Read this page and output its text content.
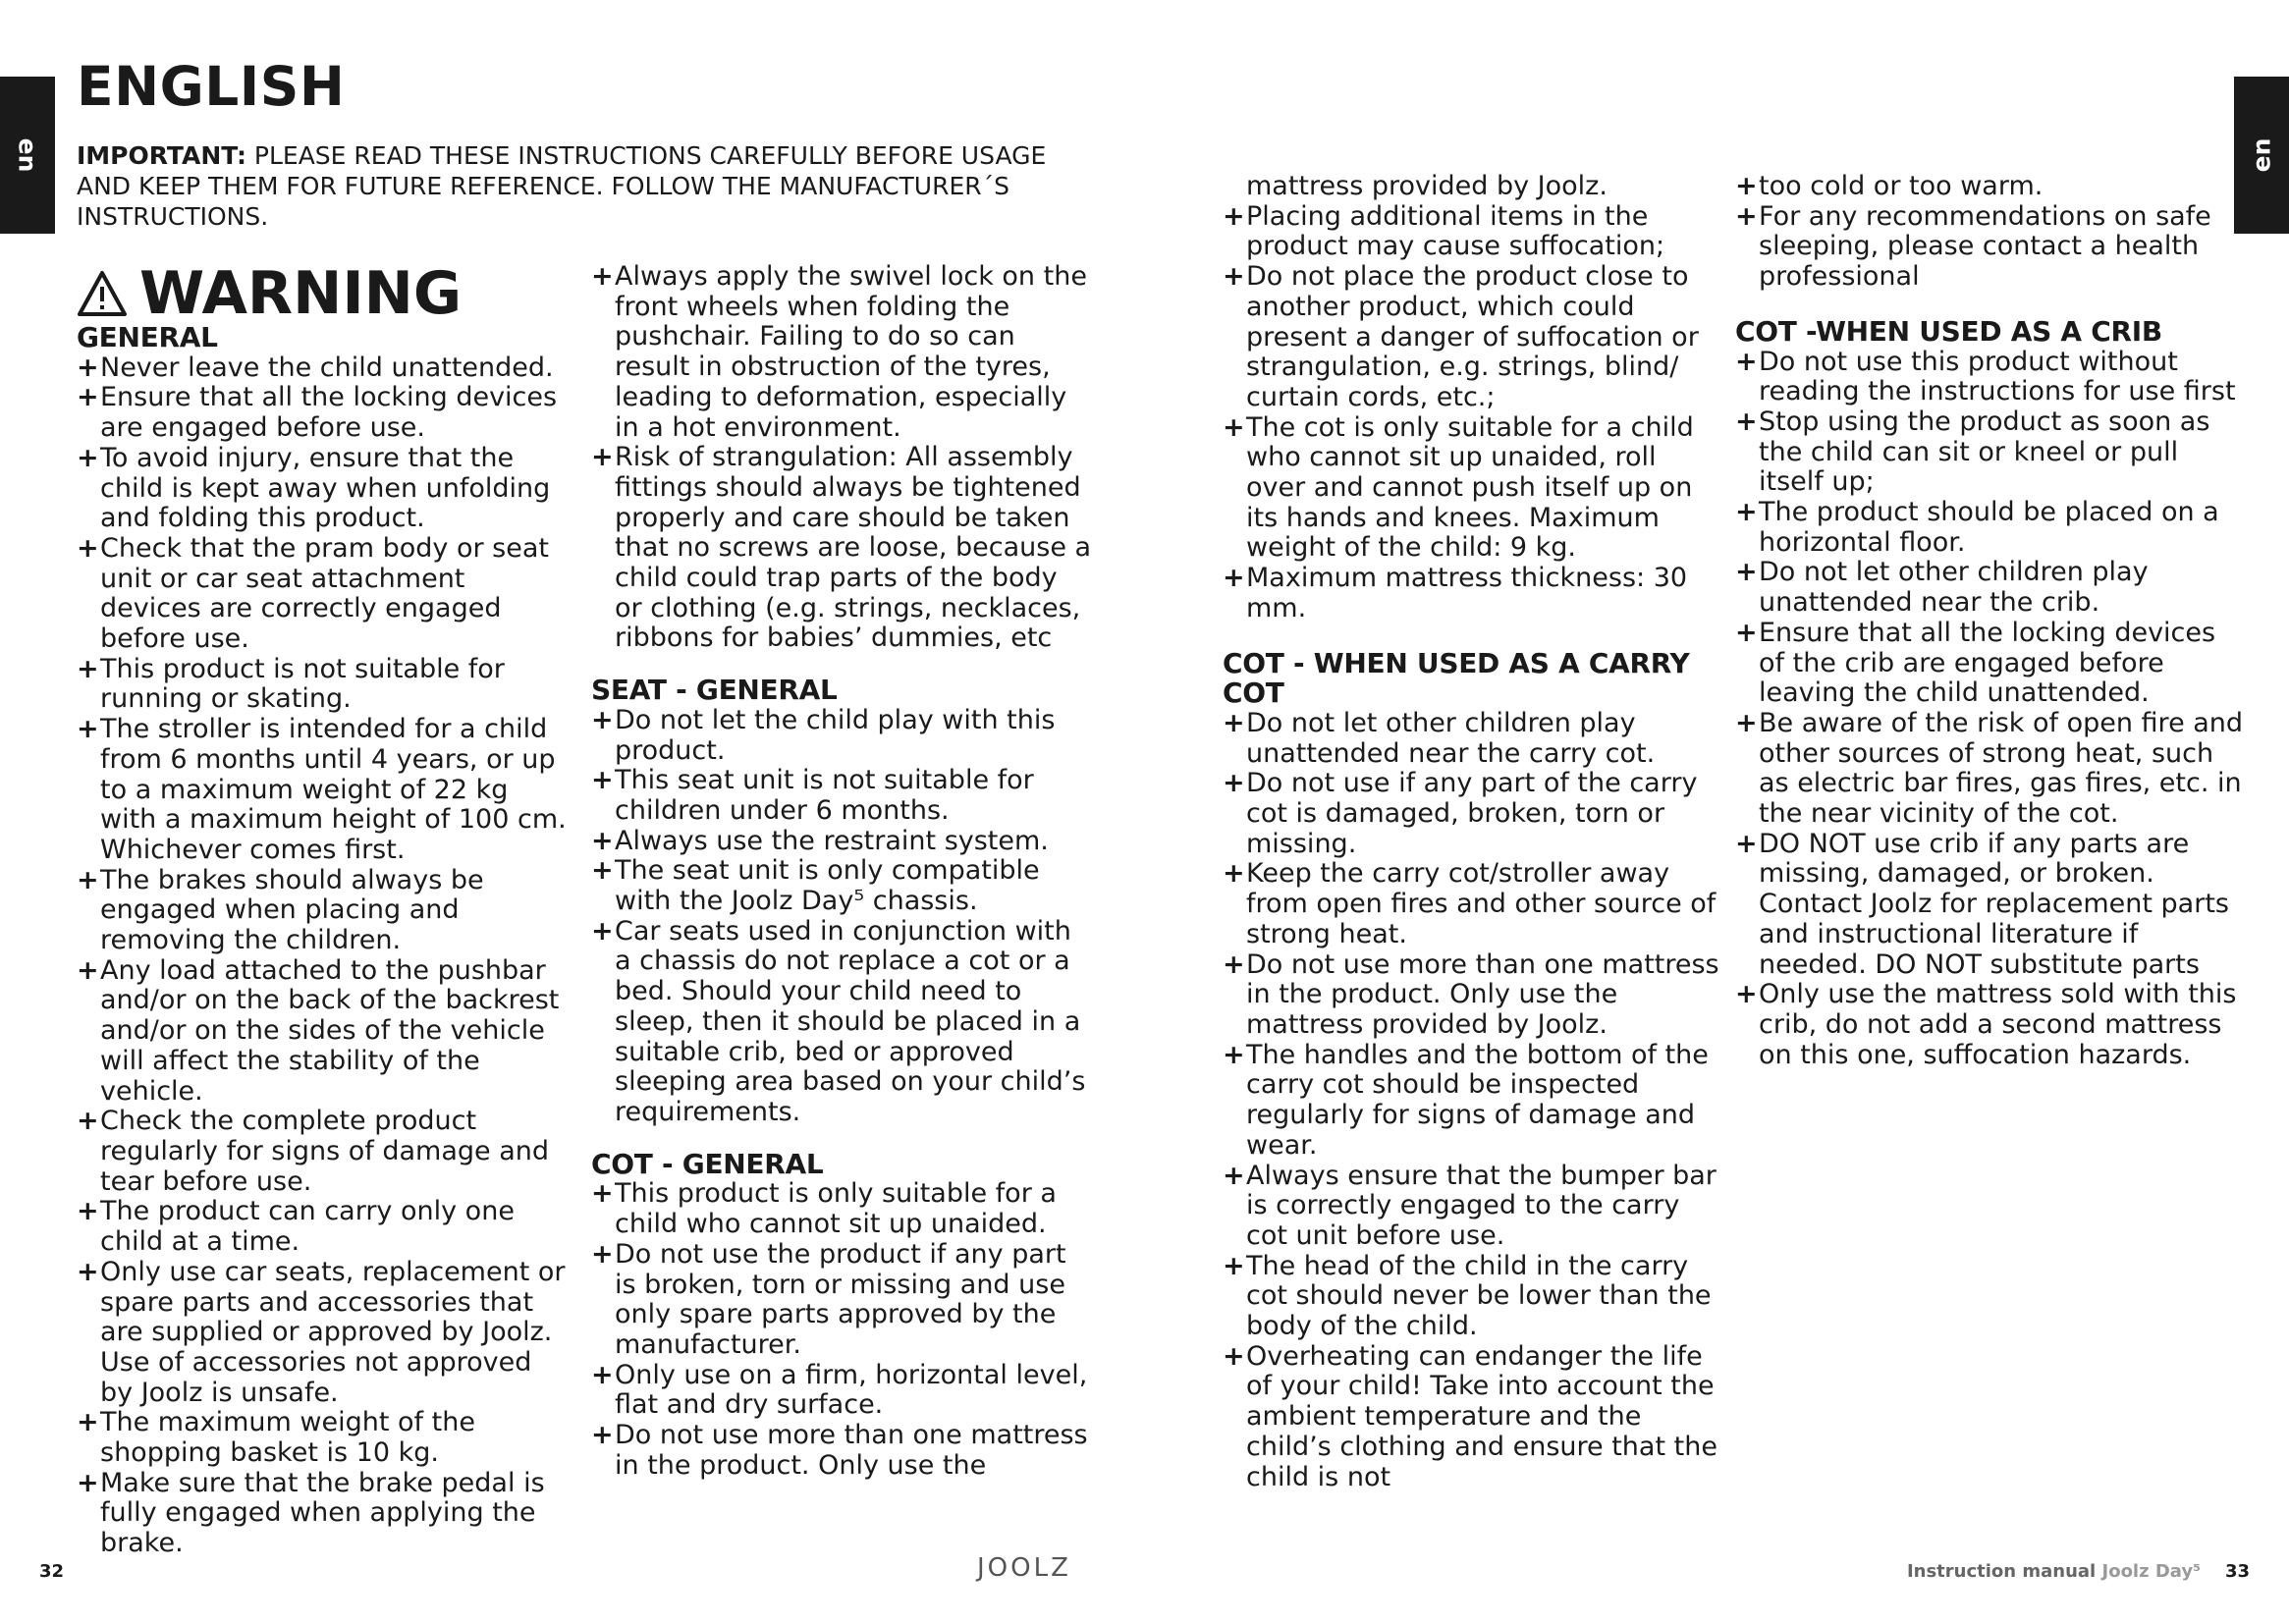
en	en
ENGLISH

IMPORTANT: PLEASE READ THESE INSTRUCTIONS CAREFULLY BEFORE USAGE AND KEEP THEM FOR FUTURE REFERENCE. FOLLOW THE MANUFACTURER´S INSTRUCTIONS.

WARNING
GENERAL
+ Never leave the child unattended.
+ Ensure that all the locking devices are engaged before use.
+ To avoid injury, ensure that the child is kept away when unfolding and folding this product.
+ Check that the pram body or seat unit or car seat attachment devices are correctly engaged before use.
+ This product is not suitable for running or skating.
+ The stroller is intended for a child from 6 months until 4 years, or up to a maximum weight of 22 kg with a maximum height of 100 cm. Whichever comes first.
+ The brakes should always be engaged when placing and removing the children.
+ Any load attached to the pushbar and/or on the back of the backrest and/or on the sides of the vehicle will affect the stability of the vehicle.
+ Check the complete product regularly for signs of damage and tear before use.
+ The product can carry only one child at a time.
+ Only use car seats, replacement or spare parts and accessories that are supplied or approved by Joolz. Use of accessories not approved by Joolz is unsafe.
+ The maximum weight of the shopping basket is 10 kg.
+ Make sure that the brake pedal is fully engaged when applying the brake.
+ Always apply the swivel lock on the front wheels when folding the pushchair. Failing to do so can result in obstruction of the tyres, leading to deformation, especially in a hot environment.
+ Risk of strangulation: All assembly fittings should always be tightened properly and care should be taken that no screws are loose, because a child could trap parts of the body or clothing (e.g. strings, necklaces, ribbons for babies’ dummies, etc
SEAT - GENERAL
+ Do not let the child play with this product.
+ This seat unit is not suitable for children under 6 months.
+ Always use the restraint system.
+ The seat unit is only compatible with the Joolz Day⁵ chassis.
+ Car seats used in conjunction with a chassis do not replace a cot or a bed. Should your child need to sleep, then it should be placed in a suitable crib, bed or approved sleeping area based on your child’s requirements.
COT - GENERAL
+ This product is only suitable for a child who cannot sit up unaided.
+ Do not use the product if any part is broken, torn or missing and use only spare parts approved by the manufacturer.
+ Only use on a firm, horizontal level, flat and dry surface.
+ Do not use more than one mattress in the product. Only use the
mattress provided by Joolz.
+ Placing additional items in the product may cause suffocation;
+ Do not place the product close to another product, which could present a danger of suffocation or strangulation, e.g. strings, blind/ curtain cords, etc.;
+ The cot is only suitable for a child who cannot sit up unaided, roll over and cannot push itself up on its hands and knees. Maximum weight of the child: 9 kg.
+ Maximum mattress thickness: 30 mm.
COT - WHEN USED AS A CARRY COT
+ Do not let other children play unattended near the carry cot.
+ Do not use if any part of the carry cot is damaged, broken, torn or missing.
+ Keep the carry cot/stroller away from open fires and other source of strong heat.
+ Do not use more than one mattress in the product. Only use the mattress provided by Joolz.
+ The handles and the bottom of the carry cot should be inspected regularly for signs of damage and wear.
+ Always ensure that the bumper bar is correctly engaged to the carry cot unit before use.
+ The head of the child in the carry cot should never be lower than the body of the child.
+ Overheating can endanger the life of your child! Take into account the ambient temperature and the child’s clothing and ensure that the child is not
+ too cold or too warm.
+ For any recommendations on safe sleeping, please contact a health professional
COT -WHEN USED AS A CRIB
+ Do not use this product without reading the instructions for use first
+ Stop using the product as soon as the child can sit or kneel or pull itself up;
+ The product should be placed on a horizontal floor.
+ Do not let other children play unattended near the crib.
+ Ensure that all the locking devices of the crib are engaged before leaving the child unattended.
+ Be aware of the risk of open fire and other sources of strong heat, such as electric bar fires, gas fires, etc. in the near vicinity of the cot.
+ DO NOT use crib if any parts are missing, damaged, or broken. Contact Joolz for replacement parts and instructional literature if needed. DO NOT substitute parts
+ Only use the mattress sold with this crib, do not add a second mattress on this one, suffocation hazards.
32	JOOLZ	Instruction manual Joolz Day⁵ 33
